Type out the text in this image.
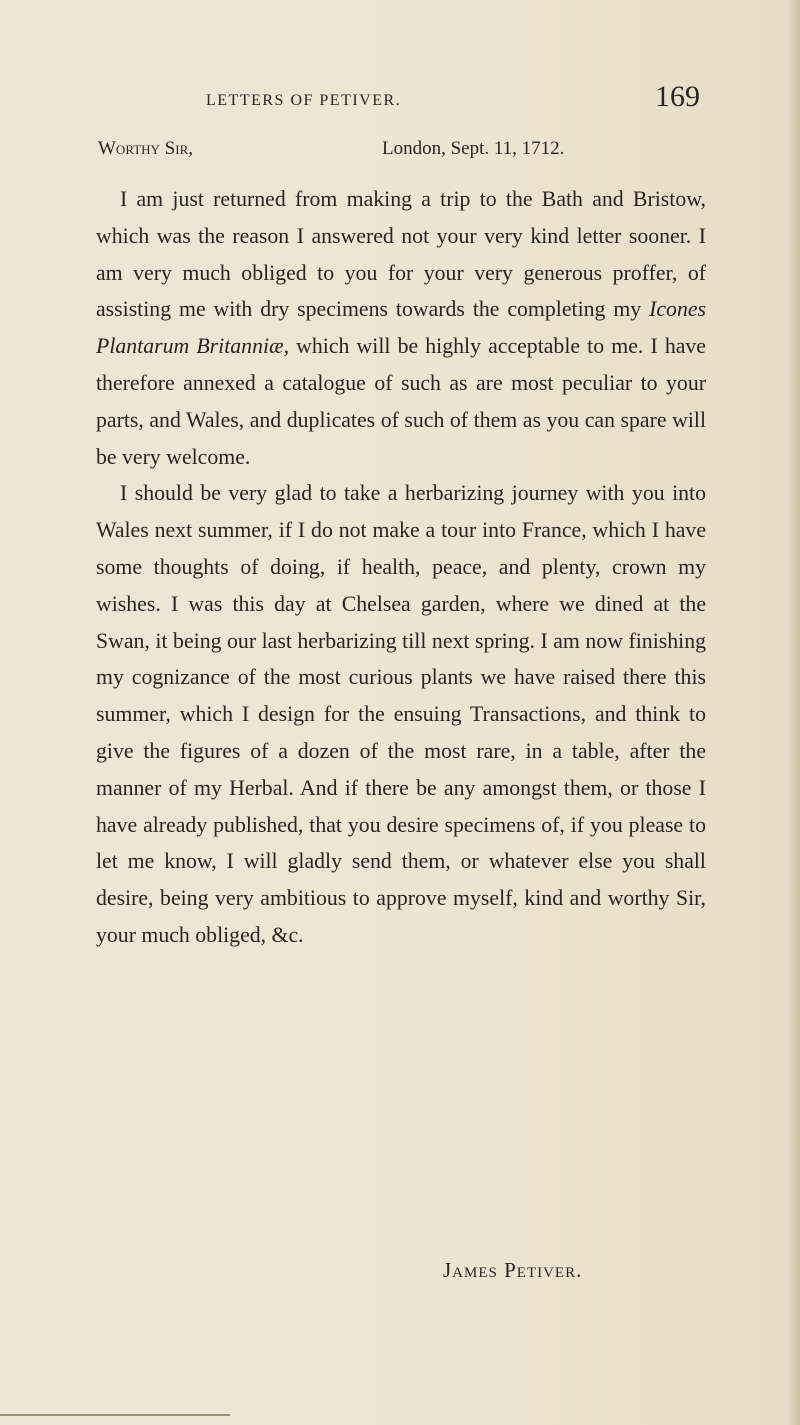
LETTERS OF PETIVER.	169
Worthy Sir,	London, Sept. 11, 1712.

I am just returned from making a trip to the Bath and Bristow, which was the reason I answered not your very kind letter sooner. I am very much obliged to you for your very generous proffer, of assisting me with dry specimens towards the completing my Icones Plantarum Britanniæ, which will be highly acceptable to me. I have therefore annexed a catalogue of such as are most peculiar to your parts, and Wales, and duplicates of such of them as you can spare will be very welcome.

I should be very glad to take a herbarizing journey with you into Wales next summer, if I do not make a tour into France, which I have some thoughts of doing, if health, peace, and plenty, crown my wishes. I was this day at Chelsea garden, where we dined at the Swan, it being our last herbarizing till next spring. I am now finishing my cognizance of the most curious plants we have raised there this summer, which I design for the ensuing Transactions, and think to give the figures of a dozen of the most rare, in a table, after the manner of my Herbal. And if there be any amongst them, or those I have already published, that you desire specimens of, if you please to let me know, I will gladly send them, or whatever else you shall desire, being very ambitious to approve myself, kind and worthy Sir, your much obliged, &c.

James Petiver.
